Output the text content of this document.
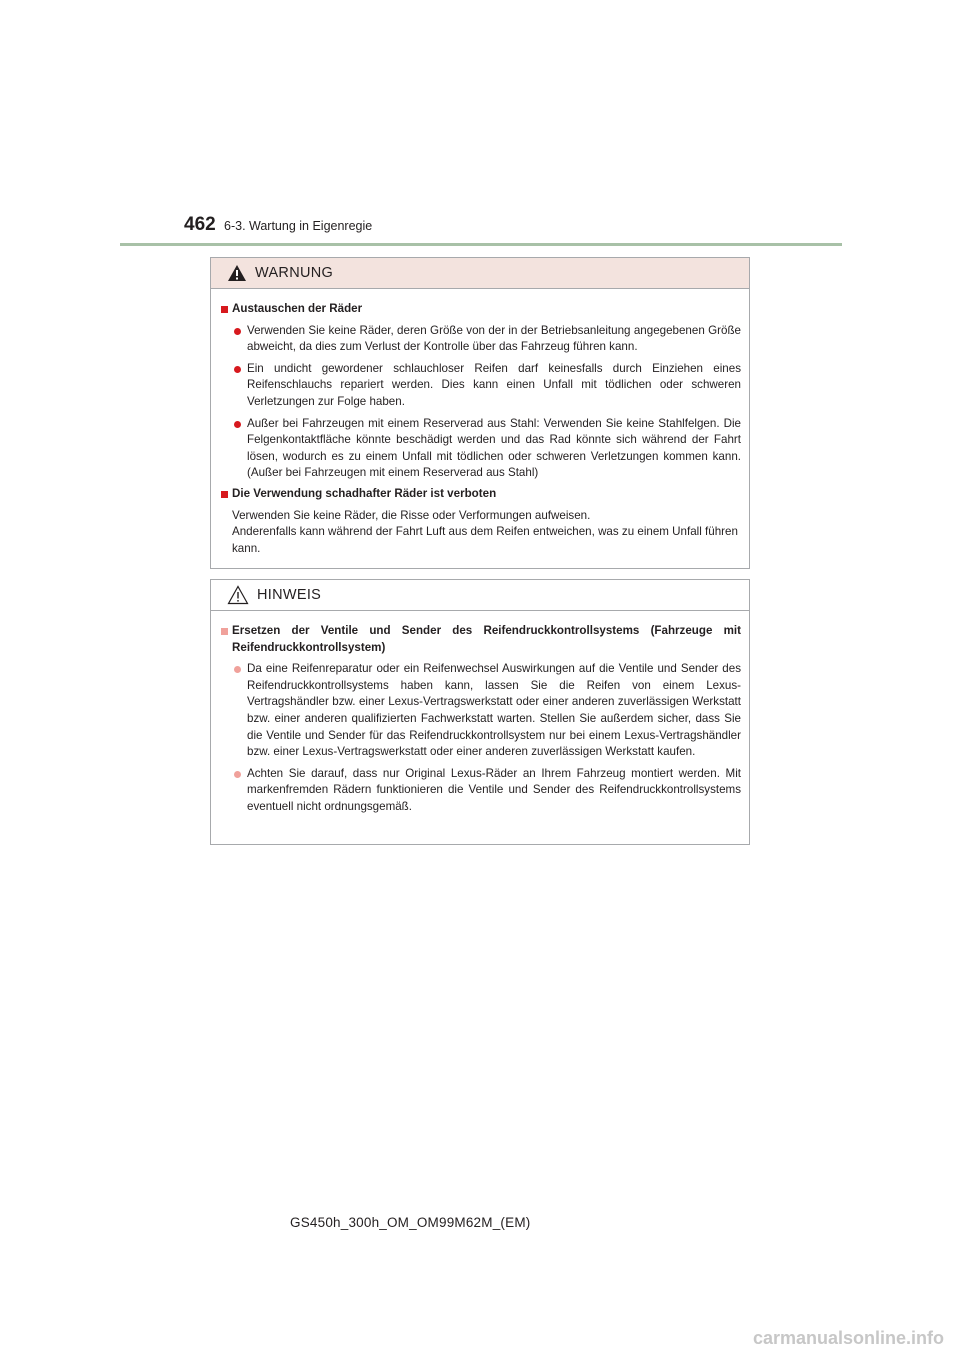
462 6-3. Wartung in Eigenregie
WARNUNG
Austauschen der Räder
Verwenden Sie keine Räder, deren Größe von der in der Betriebsanleitung angegebenen Größe abweicht, da dies zum Verlust der Kontrolle über das Fahrzeug führen kann.
Ein undicht gewordener schlauchloser Reifen darf keinesfalls durch Einziehen eines Reifenschlauchs repariert werden. Dies kann einen Unfall mit tödlichen oder schweren Verletzungen zur Folge haben.
Außer bei Fahrzeugen mit einem Reserverad aus Stahl: Verwenden Sie keine Stahlfelgen. Die Felgenkontaktfläche könnte beschädigt werden und das Rad könnte sich während der Fahrt lösen, wodurch es zu einem Unfall mit tödlichen oder schweren Verletzungen kommen kann. (Außer bei Fahrzeugen mit einem Reserverad aus Stahl)
Die Verwendung schadhafter Räder ist verboten
Verwenden Sie keine Räder, die Risse oder Verformungen aufweisen.
Anderenfalls kann während der Fahrt Luft aus dem Reifen entweichen, was zu einem Unfall führen kann.
HINWEIS
Ersetzen der Ventile und Sender des Reifendruckkontrollsystems (Fahrzeuge mit Reifendruckkontrollsystem)
Da eine Reifenreparatur oder ein Reifenwechsel Auswirkungen auf die Ventile und Sender des Reifendruckkontrollsystems haben kann, lassen Sie die Reifen von einem Lexus-Vertragshändler bzw. einer Lexus-Vertragswerkstatt oder einer anderen zuverlässigen Werkstatt bzw. einer anderen qualifizierten Fachwerkstatt warten. Stellen Sie außerdem sicher, dass Sie die Ventile und Sender für das Reifendruckkontrollsystem nur bei einem Lexus-Vertragshändler bzw. einer Lexus-Vertragswerkstatt oder einer anderen zuverlässigen Werkstatt kaufen.
Achten Sie darauf, dass nur Original Lexus-Räder an Ihrem Fahrzeug montiert werden. Mit markenfremden Rädern funktionieren die Ventile und Sender des Reifendruckkontrollsystems eventuell nicht ordnungsgemäß.
GS450h_300h_OM_OM99M62M_(EM)
carmanualsonline.info
